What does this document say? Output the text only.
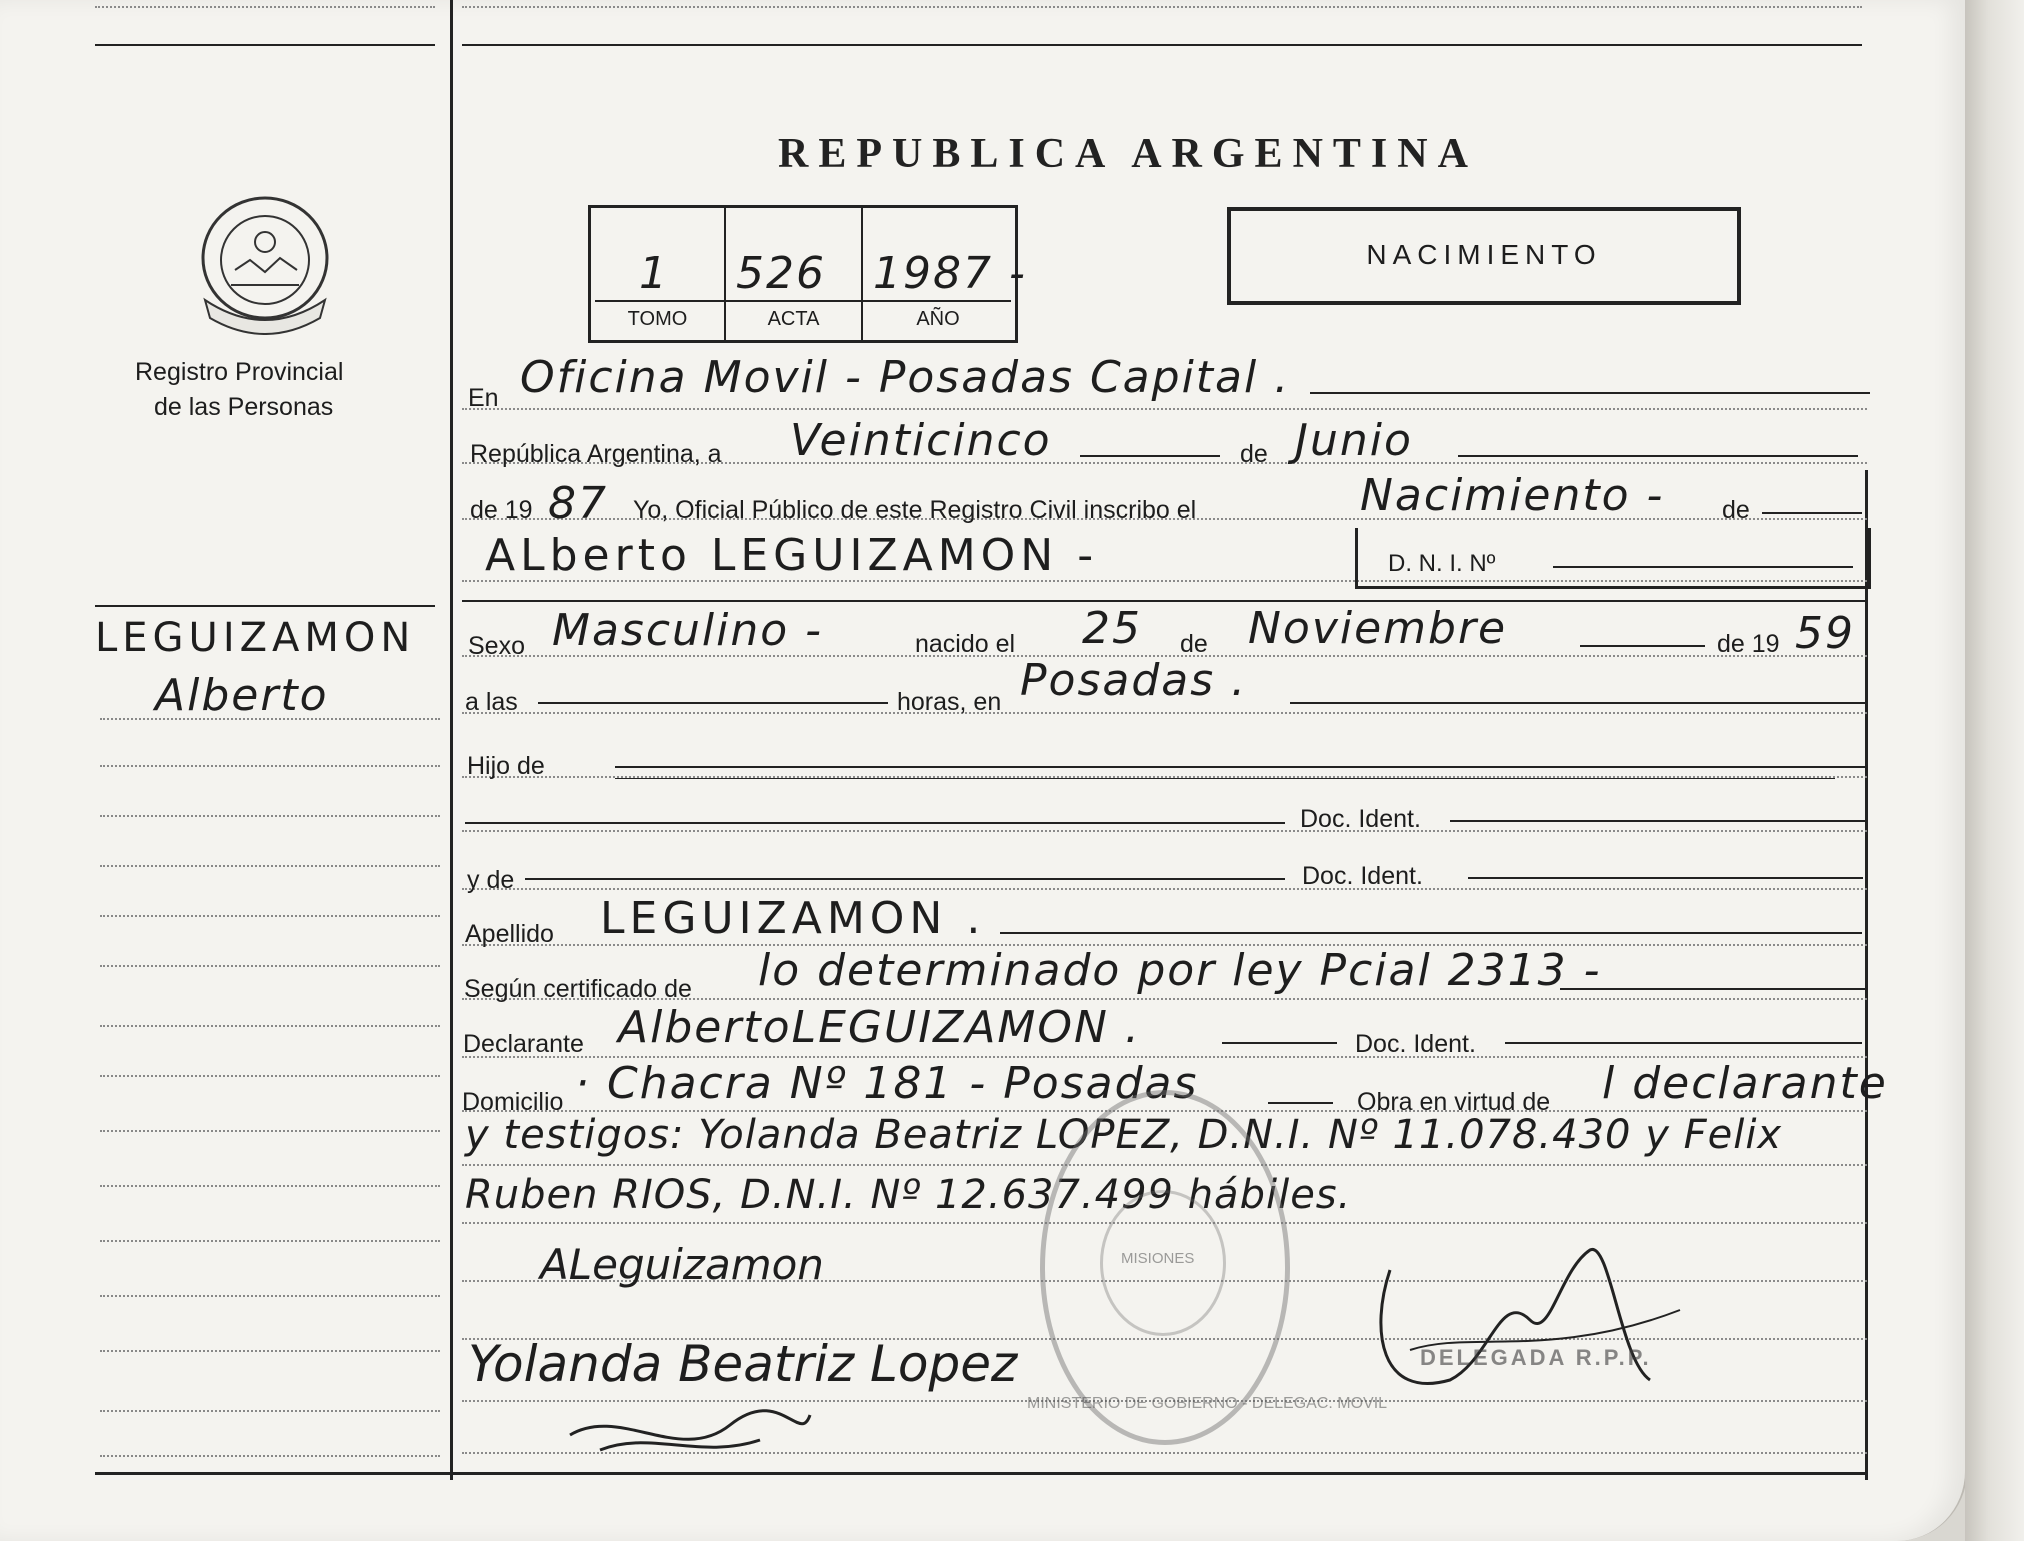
REPUBLICA ARGENTINA
1 526 1987 -
TOMO	ACTA	AÑO
NACIMIENTO
Registro Provincial
de las Personas
LEGUIZAMON
Alberto
En Oficina Movil - Posadas Capital .
República Argentina, a Veinticinco	de Junio
de 19 87 Yo, Oficial Público de este Registro Civil inscribo el	Nacimiento - de
ALberto LEGUIZAMON -	D. N. I. Nº
Sexo Masculino -	nacido el 25 de Noviembre	de 19 59
a las	horas, en Posadas .
Hijo de
Doc. Ident.
y de	Doc. Ident.
Apellido LEGUIZAMON .
Según certificado de lo determinado por ley Pcial 2313 -
Declarante AlbertoLEGUIZAMON .	Doc. Ident.
Domicilio · Chacra Nº 181 - Posadas	Obra en virtud de l declarante
y testigos: Yolanda Beatriz LOPEZ, D.N.I. Nº 11.078.430 y Felix
Ruben RIOS, D.N.I. Nº 12.637.499 hábiles.
MISIONES
MINISTERIO DE GOBIERNO - DELEGAC. MOVIL
ALeguizamon
Yolanda Beatriz Lopez	DELEGADA R.P.P.
